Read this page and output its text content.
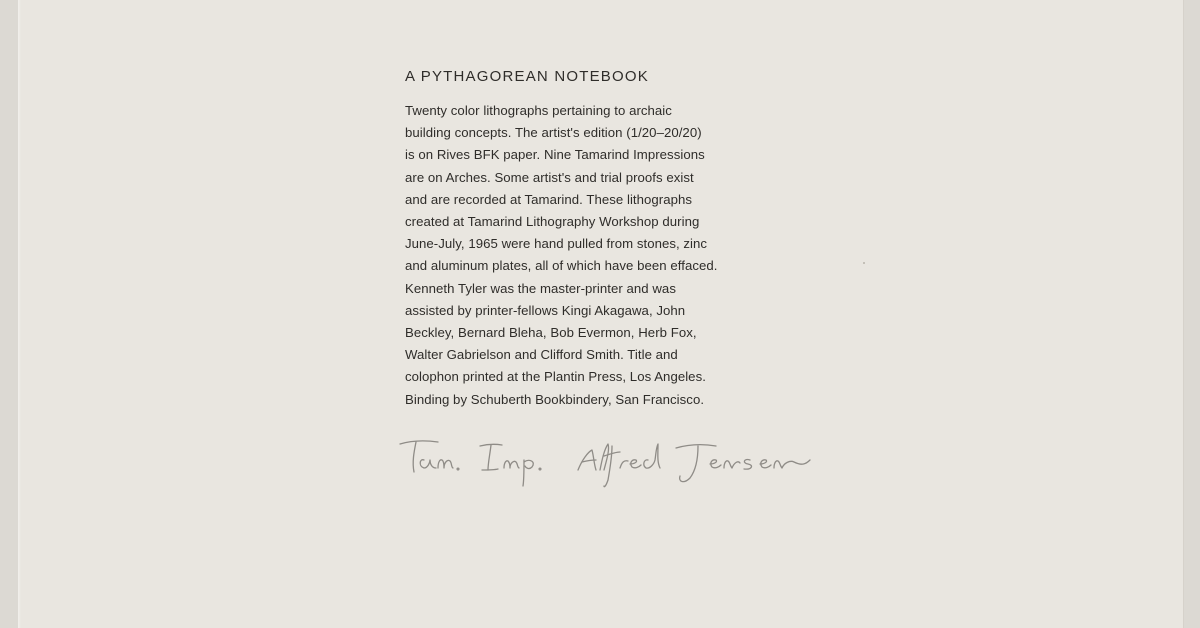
A PYTHAGOREAN NOTEBOOK
Twenty color lithographs pertaining to archaic
building concepts. The artist's edition (1/20–20/20)
is on Rives BFK paper. Nine Tamarind Impressions
are on Arches. Some artist's and trial proofs exist
and are recorded at Tamarind. These lithographs
created at Tamarind Lithography Workshop during
June-July, 1965 were hand pulled from stones, zinc
and aluminum plates, all of which have been effaced.
Kenneth Tyler was the master-printer and was
assisted by printer-fellows Kingi Akagawa, John
Beckley, Bernard Bleha, Bob Evermon, Herb Fox,
Walter Gabrielson and Clifford Smith. Title and
colophon printed at the Plantin Press, Los Angeles.
Binding by Schuberth Bookbindery, San Francisco.
